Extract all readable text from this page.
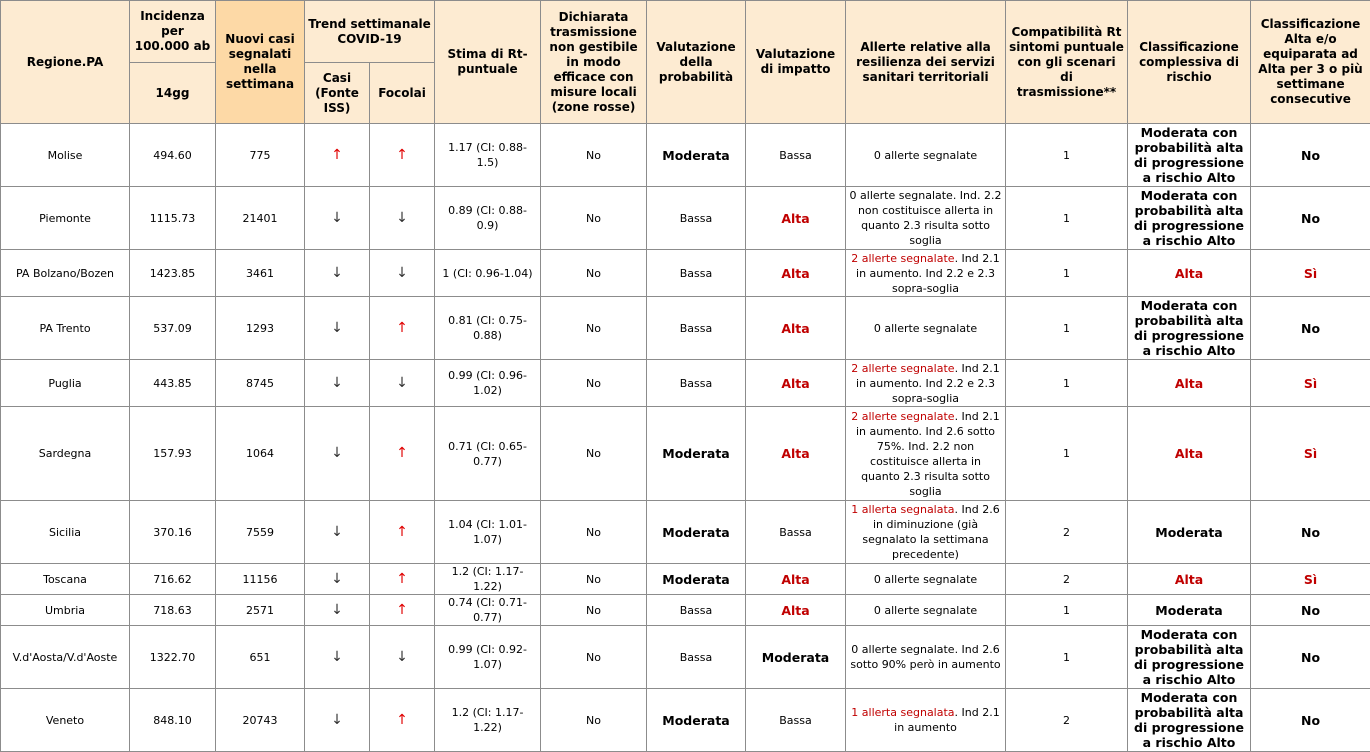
Regione.PA	Incidenza per 100.000 ab	Nuovi casi segnalati nella settimana	Trend settimanale COVID-19		Stima di Rt-puntuale	Dichiarata trasmissione non gestibile in modo efficace con misure locali (zone rosse)	Valutazione della probabilità	Valutazione di impatto	Allerte relative alla resilienza dei servizi sanitari territoriali	Compatibilità Rt sintomi puntuale con gli scenari di trasmissione**	Classificazione complessiva di rischio	Classificazione Alta e/o equiparata ad Alta per 3 o più settimane consecutive
	14gg		Casi (Fonte ISS)	Focolai								
Molise	494.60	775	↑	↑	1.17 (CI: 0.88-1.5)	No	Moderata	Bassa	0 allerte segnalate	1	Moderata con probabilità alta di progressione a rischio Alto	No
Piemonte	1115.73	21401	↓	↓	0.89 (CI: 0.88-0.9)	No	Bassa	Alta	0 allerte segnalate. Ind. 2.2 non costituisce allerta in quanto 2.3 risulta sotto soglia	1	Moderata con probabilità alta di progressione a rischio Alto	No
PA Bolzano/Bozen	1423.85	3461	↓	↓	1 (CI: 0.96-1.04)	No	Bassa	Alta	2 allerte segnalate. Ind 2.1 in aumento. Ind 2.2 e 2.3 sopra-soglia	1	Alta	Sì
PA Trento	537.09	1293	↓	↑	0.81 (CI: 0.75-0.88)	No	Bassa	Alta	0 allerte segnalate	1	Moderata con probabilità alta di progressione a rischio Alto	No
Puglia	443.85	8745	↓	↓	0.99 (CI: 0.96-1.02)	No	Bassa	Alta	2 allerte segnalate. Ind 2.1 in aumento. Ind 2.2 e 2.3 sopra-soglia	1	Alta	Sì
Sardegna	157.93	1064	↓	↑	0.71 (CI: 0.65-0.77)	No	Moderata	Alta	2 allerte segnalate. Ind 2.1 in aumento. Ind 2.6 sotto 75%. Ind. 2.2 non costituisce allerta in quanto 2.3 risulta sotto soglia	1	Alta	Sì
Sicilia	370.16	7559	↓	↑	1.04 (CI: 1.01-1.07)	No	Moderata	Bassa	1 allerta segnalata. Ind 2.6 in diminuzione (già segnalato la settimana precedente)	2	Moderata	No
Toscana	716.62	11156	↓	↑	1.2 (CI: 1.17-1.22)	No	Moderata	Alta	0 allerte segnalate	2	Alta	Sì
Umbria	718.63	2571	↓	↑	0.74 (CI: 0.71-0.77)	No	Bassa	Alta	0 allerte segnalate	1	Moderata	No
V.d'Aosta/V.d'Aoste	1322.70	651	↓	↓	0.99 (CI: 0.92-1.07)	No	Bassa	Moderata	0 allerte segnalate. Ind 2.6 sotto 90% però in aumento	1	Moderata con probabilità alta di progressione a rischio Alto	No
Veneto	848.10	20743	↓	↑	1.2 (CI: 1.17-1.22)	No	Moderata	Bassa	1 allerta segnalata. Ind 2.1 in aumento	2	Moderata con probabilità alta di progressione a rischio Alto	No
